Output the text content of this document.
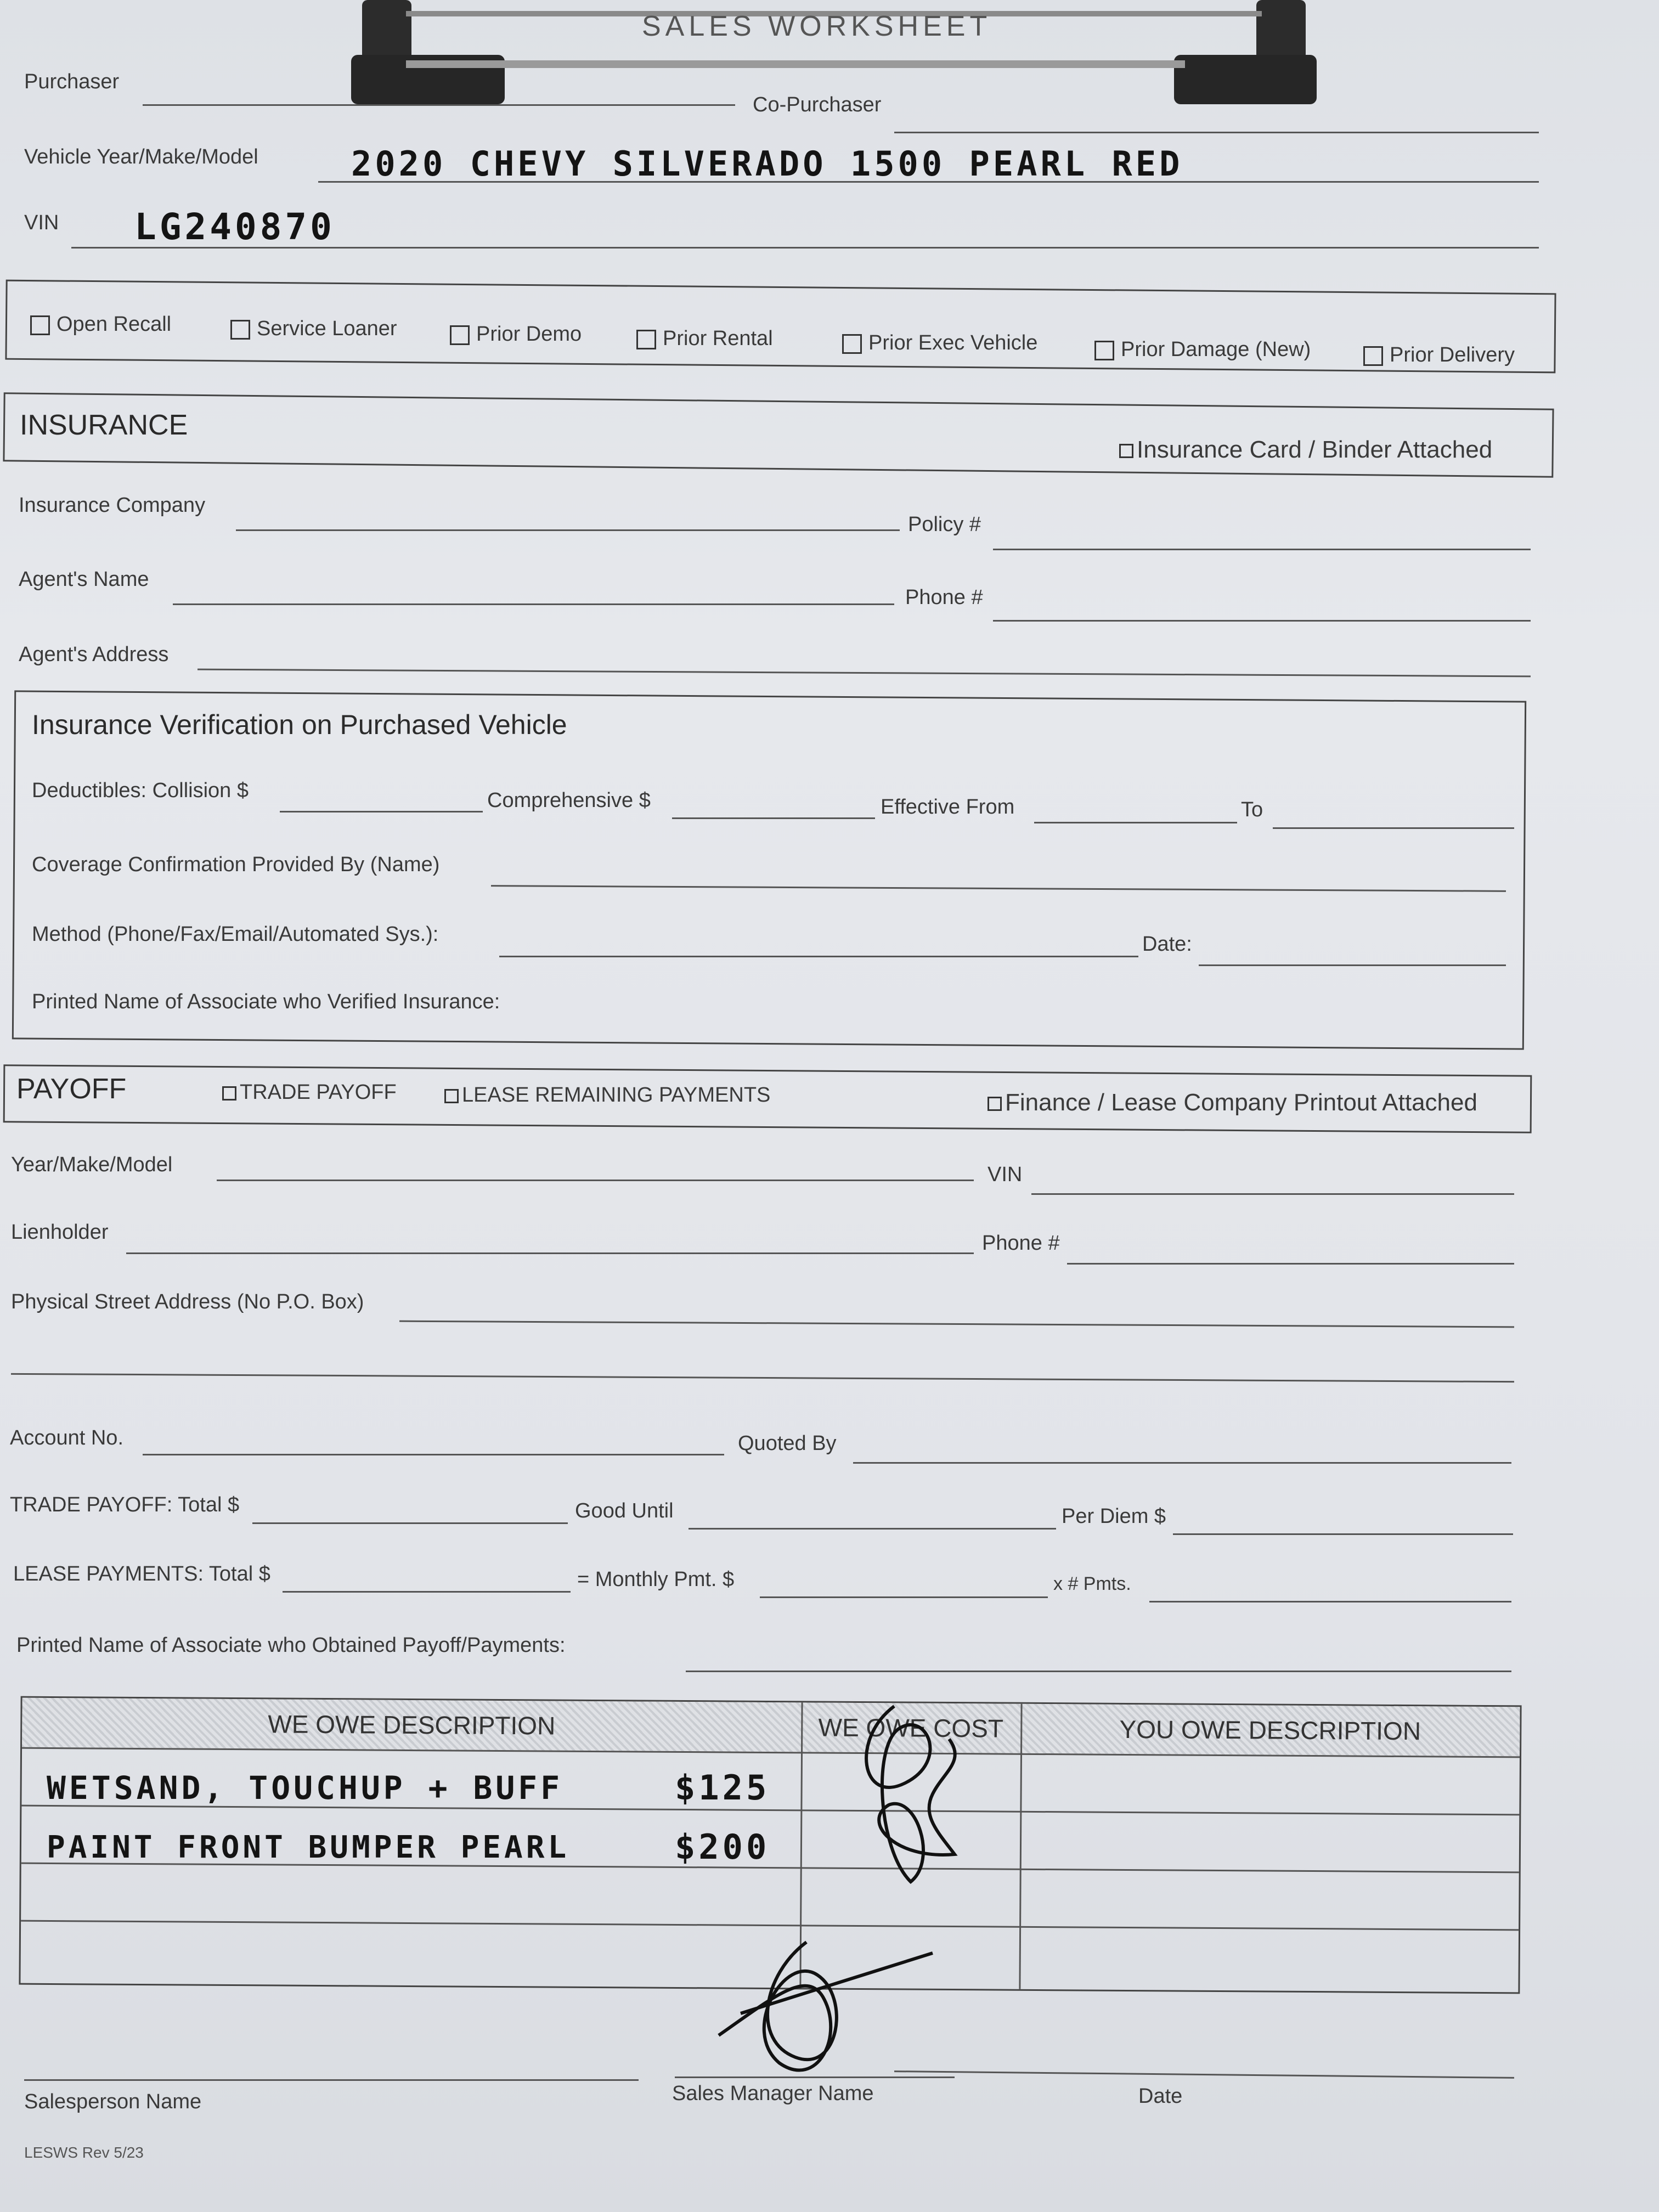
SALES WORKSHEET
Purchaser
Co-Purchaser
Vehicle Year/Make/Model	2020 CHEVY SILVERADO 1500 PEARL RED
VIN LG240870
Open Recall	Service Loaner	Prior Demo	Prior Rental	Prior Exec Vehicle	Prior Damage (New)	Prior Delivery
INSURANCE
Insurance Card / Binder Attached
Insurance Company
Policy #
Agent's Name
Phone #
Agent's Address
Insurance Verification on Purchased Vehicle
Deductibles: Collision $	Comprehensive $	Effective From	To
Coverage Confirmation Provided By (Name)
Method (Phone/Fax/Email/Automated Sys.):	Date:
Printed Name of Associate who Verified Insurance:
PAYOFF	TRADE PAYOFF	LEASE REMAINING PAYMENTS	Finance / Lease Company Printout Attached
Year/Make/Model	VIN
Lienholder	Phone #
Physical Street Address (No P.O. Box)
Account No.	Quoted By
TRADE PAYOFF: Total $	Good Until	Per Diem $
LEASE PAYMENTS: Total $	= Monthly Pmt. $	x # Pmts.
Printed Name of Associate who Obtained Payoff/Payments:
WE OWE DESCRIPTION	WE OWE COST	YOU OWE DESCRIPTION
WETSAND, TOUCHUP + BUFF	$125
PAINT FRONT BUMPER PEARL	$200
Salesperson Name	Sales Manager Name	Date
LESWS Rev 5/23
